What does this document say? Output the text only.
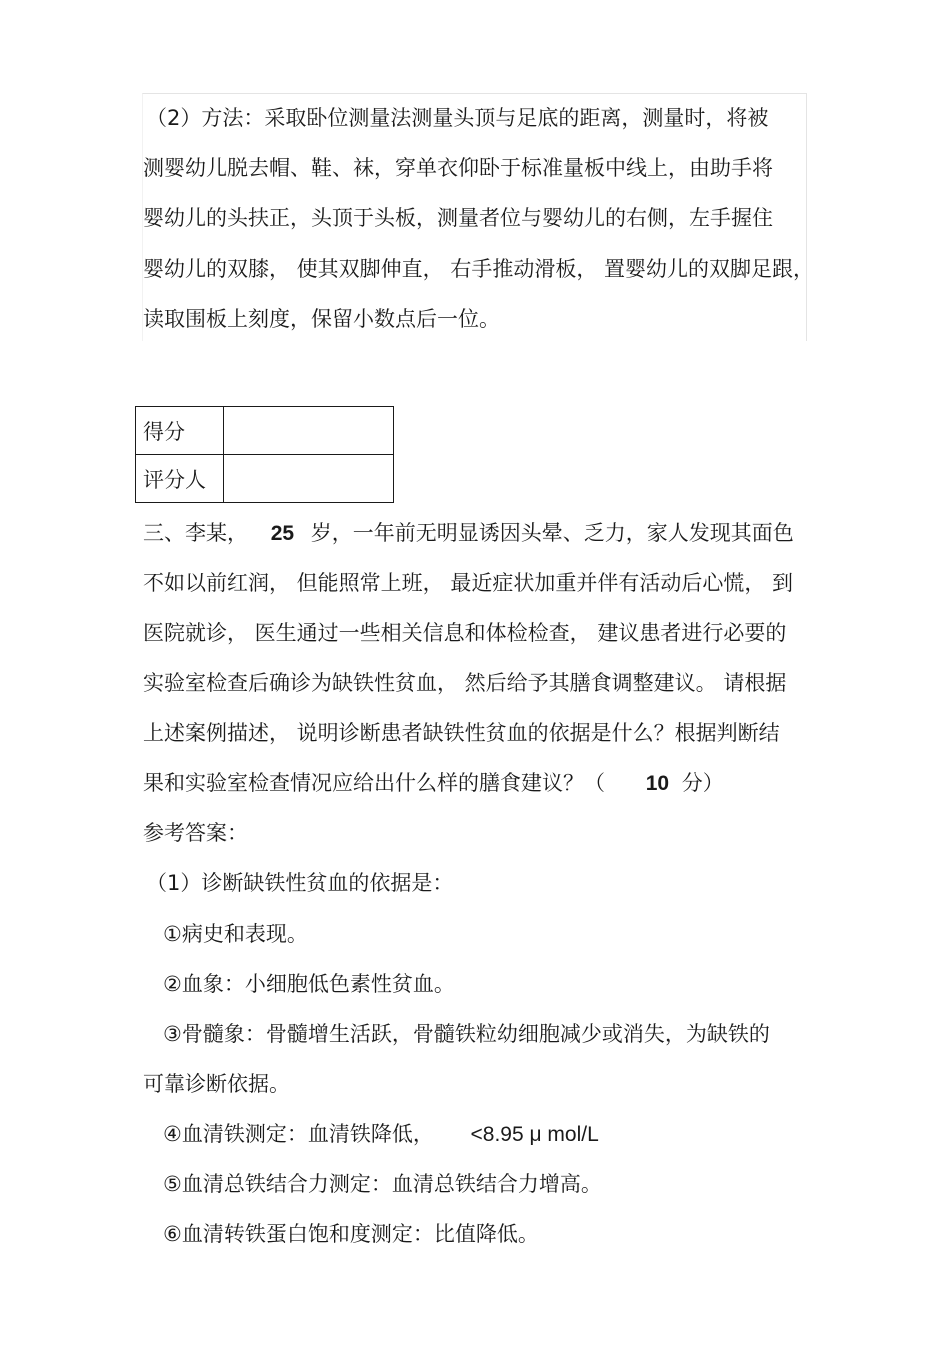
（2）方法：采取卧位测量法测量头顶与足底的距离，测量时，将被
测婴幼儿脱去帽、鞋、袜，穿单衣仰卧于标准量板中线上，由助手将
婴幼儿的头扶正，头顶于头板，测量者位与婴幼儿的右侧，左手握住
婴幼儿的双膝， 使其双脚伸直， 右手推动滑板， 置婴幼儿的双脚足跟，
读取围板上刻度，保留小数点后一位。
得分	
评分人	
三、李某， 25 岁，一年前无明显诱因头晕、乏力，家人发现其面色
不如以前红润， 但能照常上班， 最近症状加重并伴有活动后心慌， 到
医院就诊， 医生通过一些相关信息和体检检查， 建议患者进行必要的
实验室检查后确诊为缺铁性贫血， 然后给予其膳食调整建议。 请根据
上述案例描述， 说明诊断患者缺铁性贫血的依据是什么？根据判断结
果和实验室检查情况应给出什么样的膳食建议？（ 10 分）
参考答案：
（1）诊断缺铁性贫血的依据是：
①病史和表现。
②血象：小细胞低色素性贫血。
③骨髓象：骨髓增生活跃，骨髓铁粒幼细胞减少或消失，为缺铁的
可靠诊断依据。
④血清铁测定：血清铁降低， <8.95 μ mol/L
⑤血清总铁结合力测定：血清总铁结合力增高。
⑥血清转铁蛋白饱和度测定：比值降低。
